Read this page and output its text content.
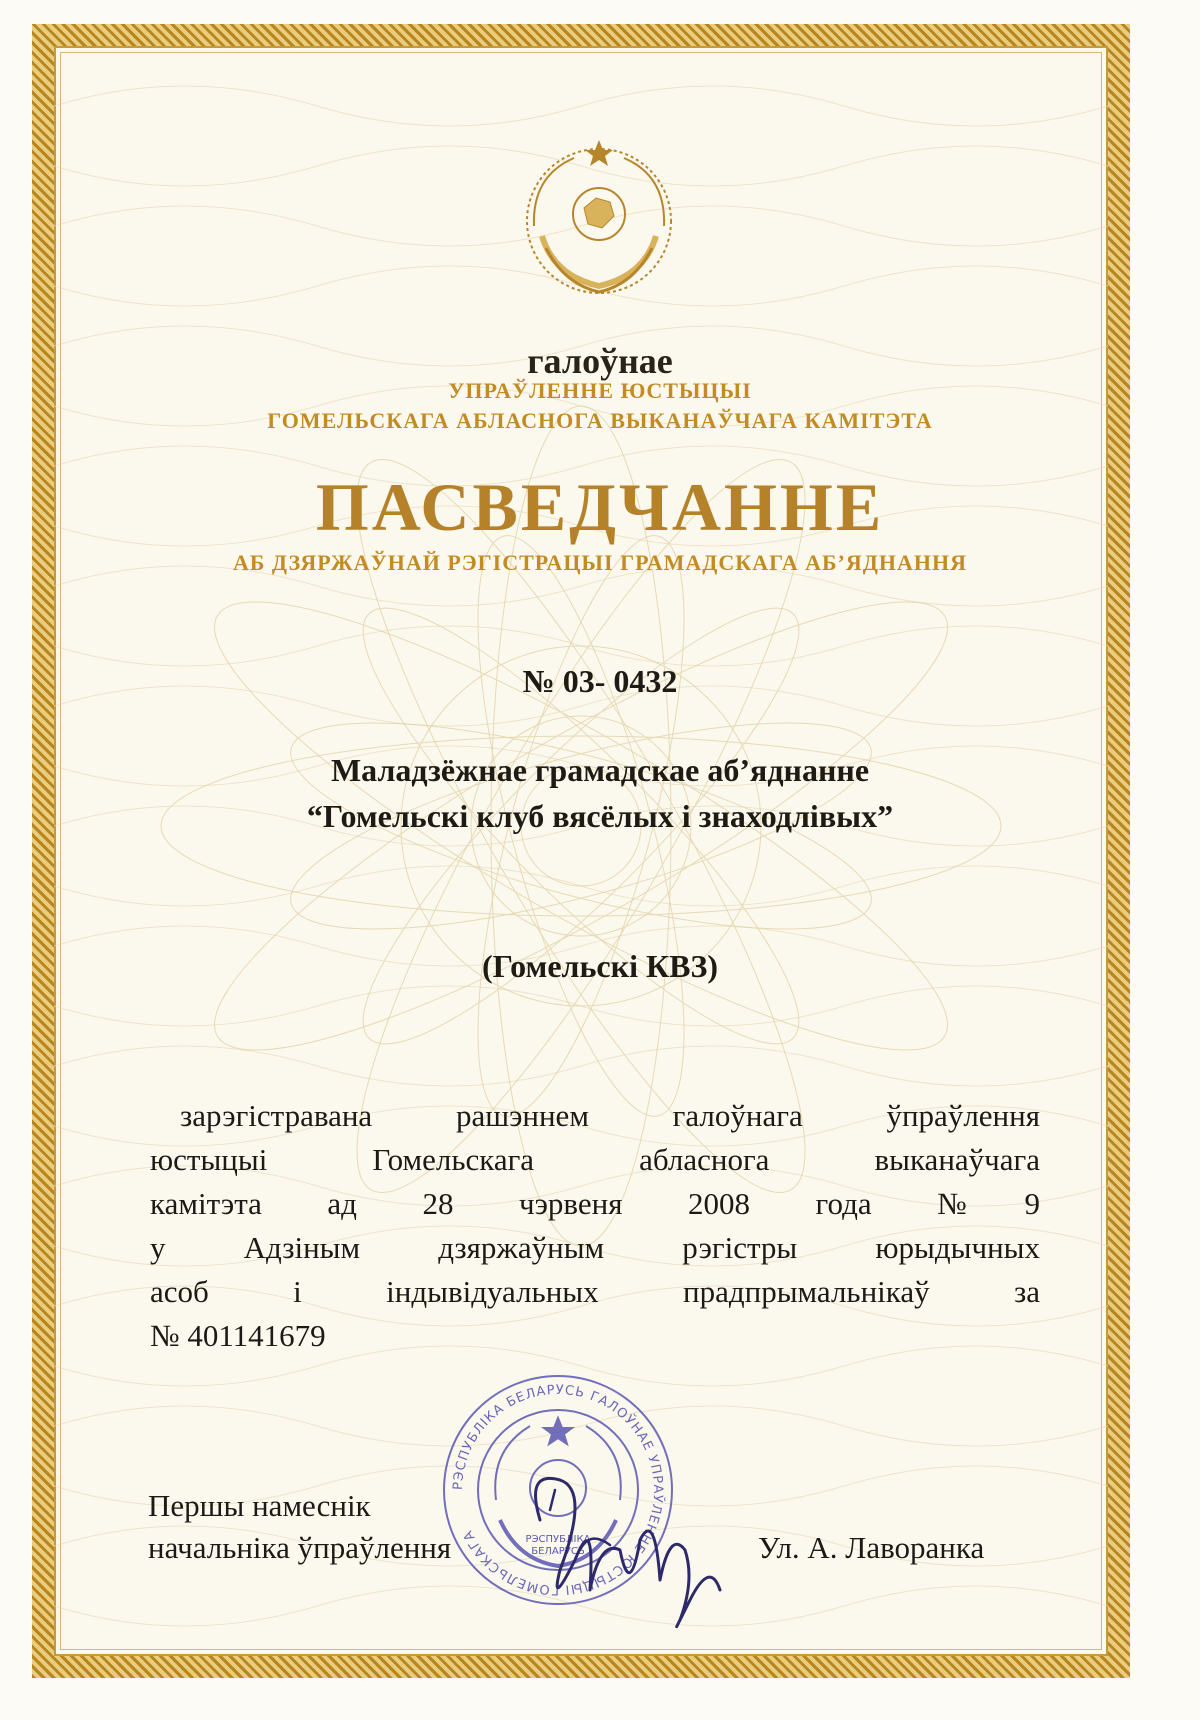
галоўнае

УПРАЎЛЕННЕ ЮСТЫЦЫІ

ГОМЕЛЬСКАГА АБЛАСНОГА ВЫКАНАЎЧАГА КАМІТЭТА

ПАСВЕДЧАННЕ

АБ ДЗЯРЖАЎНАЙ РЭГІСТРАЦЫІ ГРАМАДСКАГА АБ’ЯДНАННЯ

№ 03- 0432

Маладзёжнае грамадскае аб’яднанне

“Гомельскі клуб вясёлых і знаходлівых”

(Гомельскі КВЗ)

зарэгістравана рашэннем галоўнага ўпраўлення

юстыцыі Гомельскага абласнога выканаўчага

камітэта ад 28 чэрвеня 2008 года №9

у Адзіным дзяржаўным рэгістры юрыдычных

асоб і індывідуальных прадпрымальнікаў за

№ 401141679

РЭСПУБЛІКА БЕЛАРУСЬ ГАЛОЎНАЕ УПРАЎЛЕННЕ ЮСТЫЦЫІ ГОМЕЛЬСКАГА	РЭСПУБЛІКА
БЕЛАРУСЬ

Першы намеснік

начальніка ўпраўлення	Ул. А. Лаворанка
